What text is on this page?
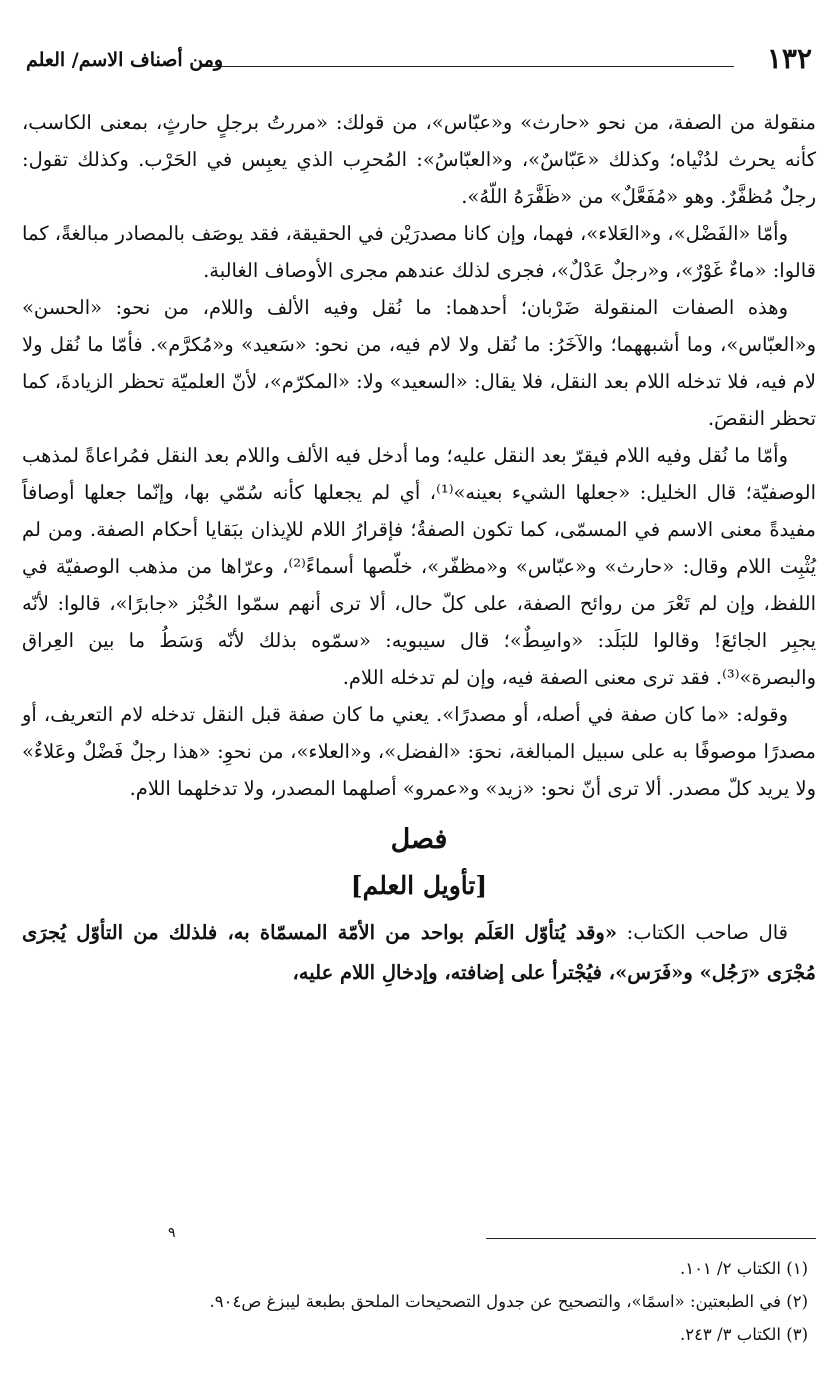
١٣٢
ومن أصناف الاسم/ العلم

منقولة من الصفة، من نحو «حارث» و«عبّاس»، من قولك: «مررتُ برجلٍ حارثٍ، بمعنى الكاسب، كأنه يحرث لدُنْياه؛ وكذلك «عَبّاسٌ»، و«العبّاسُ»: المُحرِب الذي يعبِس في الحَرْب. وكذلك تقول: رجلٌ مُظفَّرٌ. وهو «مُفَعَّلٌ» من «ظَفَّرَهُ اللّهُ».

وأمّا «الفَضْل»، و«العَلاء»، فهما، وإن كانا مصدرَيْن في الحقيقة، فقد يوصَف بالمصادر مبالغةً، كما قالوا: «ماءٌ غَوْرٌ»، و«رجلٌ عَدْلٌ»، فجرى لذلك عندهم مجرى الأوصاف الغالبة.

وهذه الصفات المنقولة ضَرْبان؛ أحدهما: ما نُقل وفيه الألف واللام، من نحو: «الحسن» و«العبّاس»، وما أشبههما؛ والآخَرُ: ما نُقل ولا لام فيه، من نحو: «سَعيد» و«مُكرَّم». فأمّا ما نُقل ولا لام فيه، فلا تدخله اللام بعد النقل، فلا يقال: «السعيد» ولا: «المكرّم»، لأنّ العلميّة تحظر الزيادةَ، كما تحظر النقصَ.

وأمّا ما نُقل وفيه اللام فيقرّ بعد النقل عليه؛ وما أدخل فيه الألف واللام بعد النقل فمُراعاةً لمذهب الوصفيّة؛ قال الخليل: «جعلها الشيء بعينه»⁽¹⁾، أي لم يجعلها كأنه سُمّي بها، وإنّما جعلها أوصافاً مفيدةً معنى الاسم في المسمّى، كما تكون الصفةُ؛ فإقرارُ اللام للإيذان ببَقايا أحكام الصفة. ومن لم يُثْبِت اللام وقال: «حارث» و«عبّاس» و«مظفّر»، خلّصها أسماءً⁽²⁾، وعرّاها من مذهب الوصفيّة في اللفظ، وإن لم تَعْرَ من روائح الصفة، على كلّ حال، ألا ترى أنهم سمّوا الخُبْز «جابرًا»، قالوا: لأنّه يجبِر الجائعَ! وقالوا للبَلَد: «واسِطٌ»؛ قال سيبويه: «سمّوه بذلك لأنّه وَسَطُ ما بين العِراق والبصرة»⁽³⁾. فقد ترى معنى الصفة فيه، وإن لم تدخله اللام.

وقوله: «ما كان صفة في أصله، أو مصدرًا». يعني ما كان صفة قبل النقل تدخله لام التعريف، أو مصدرًا موصوفًا به على سبيل المبالغة، نحوَ: «الفضل»، و«العلاء»، من نحوِ: «هذا رجلٌ فَضْلٌ وعَلاءٌ» ولا يريد كلّ مصدر. ألا ترى أنّ نحو: «زيد» و«عمرو» أصلهما المصدر، ولا تدخلهما اللام.

فصل
[تأويل العلم]

قال صاحب الكتاب: «وقد يُتأوّل العَلَم بواحد من الأمّة المسمّاة به، فلذلك من التأوّل يُجرَى مُجْرَى «رَجُل» و«فَرَس»، فيُجْترأ على إضافته، وإدخالِ اللام عليه،

٩

(١) الكتاب ٢/ ١٠١.

(٢) في الطبعتين: «اسمًا»، والتصحيح عن جدول التصحيحات الملحق بطبعة ليبزغ ص٩٠٤.

(٣) الكتاب ٣/ ٢٤٣.
